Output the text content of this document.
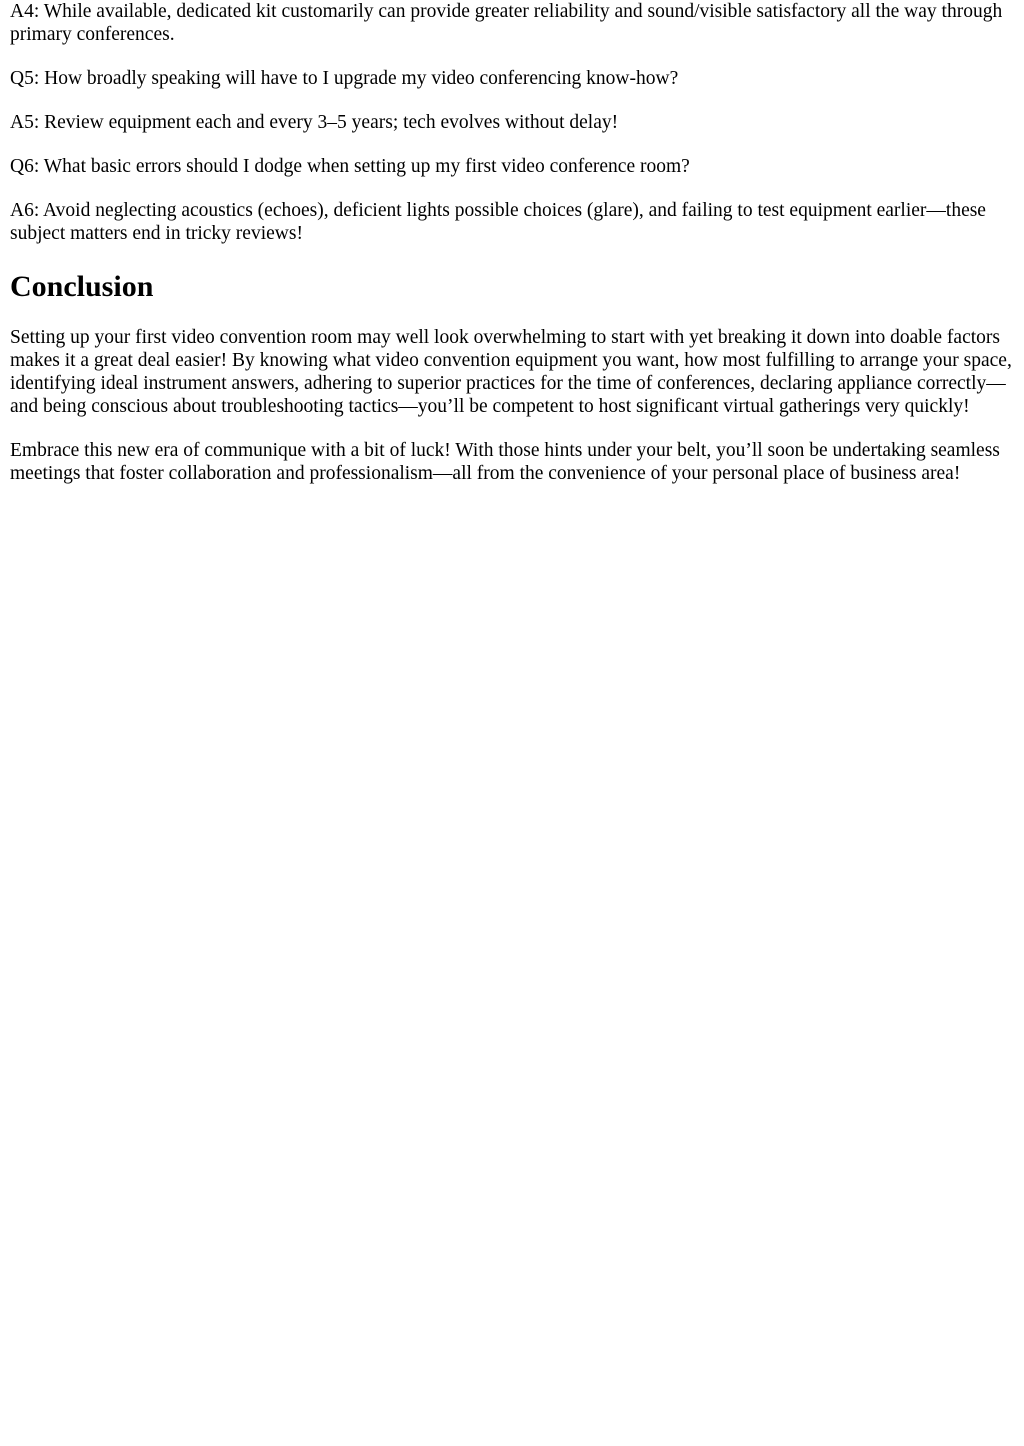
A4: While available, dedicated kit customarily can provide greater reliability and sound/visible satisfactory all the way through primary conferences.

Q5: How broadly speaking will have to I upgrade my video conferencing know-how?

A5: Review equipment each and every 3–5 years; tech evolves without delay!

Q6: What basic errors should I dodge when setting up my first video conference room?

A6: Avoid neglecting acoustics (echoes), deficient lights possible choices (glare), and failing to test equipment earlier—these subject matters end in tricky reviews!

Conclusion

Setting up your first video convention room may well look overwhelming to start with yet breaking it down into doable factors makes it a great deal easier! By knowing what video convention equipment you want, how most fulfilling to arrange your space, identifying ideal instrument answers, adhering to superior practices for the time of conferences, declaring appliance correctly—and being conscious about troubleshooting tactics—you’ll be competent to host significant virtual gatherings very quickly!

Embrace this new era of communique with a bit of luck! With those hints under your belt, you’ll soon be undertaking seamless meetings that foster collaboration and professionalism—all from the convenience of your personal place of business area!
